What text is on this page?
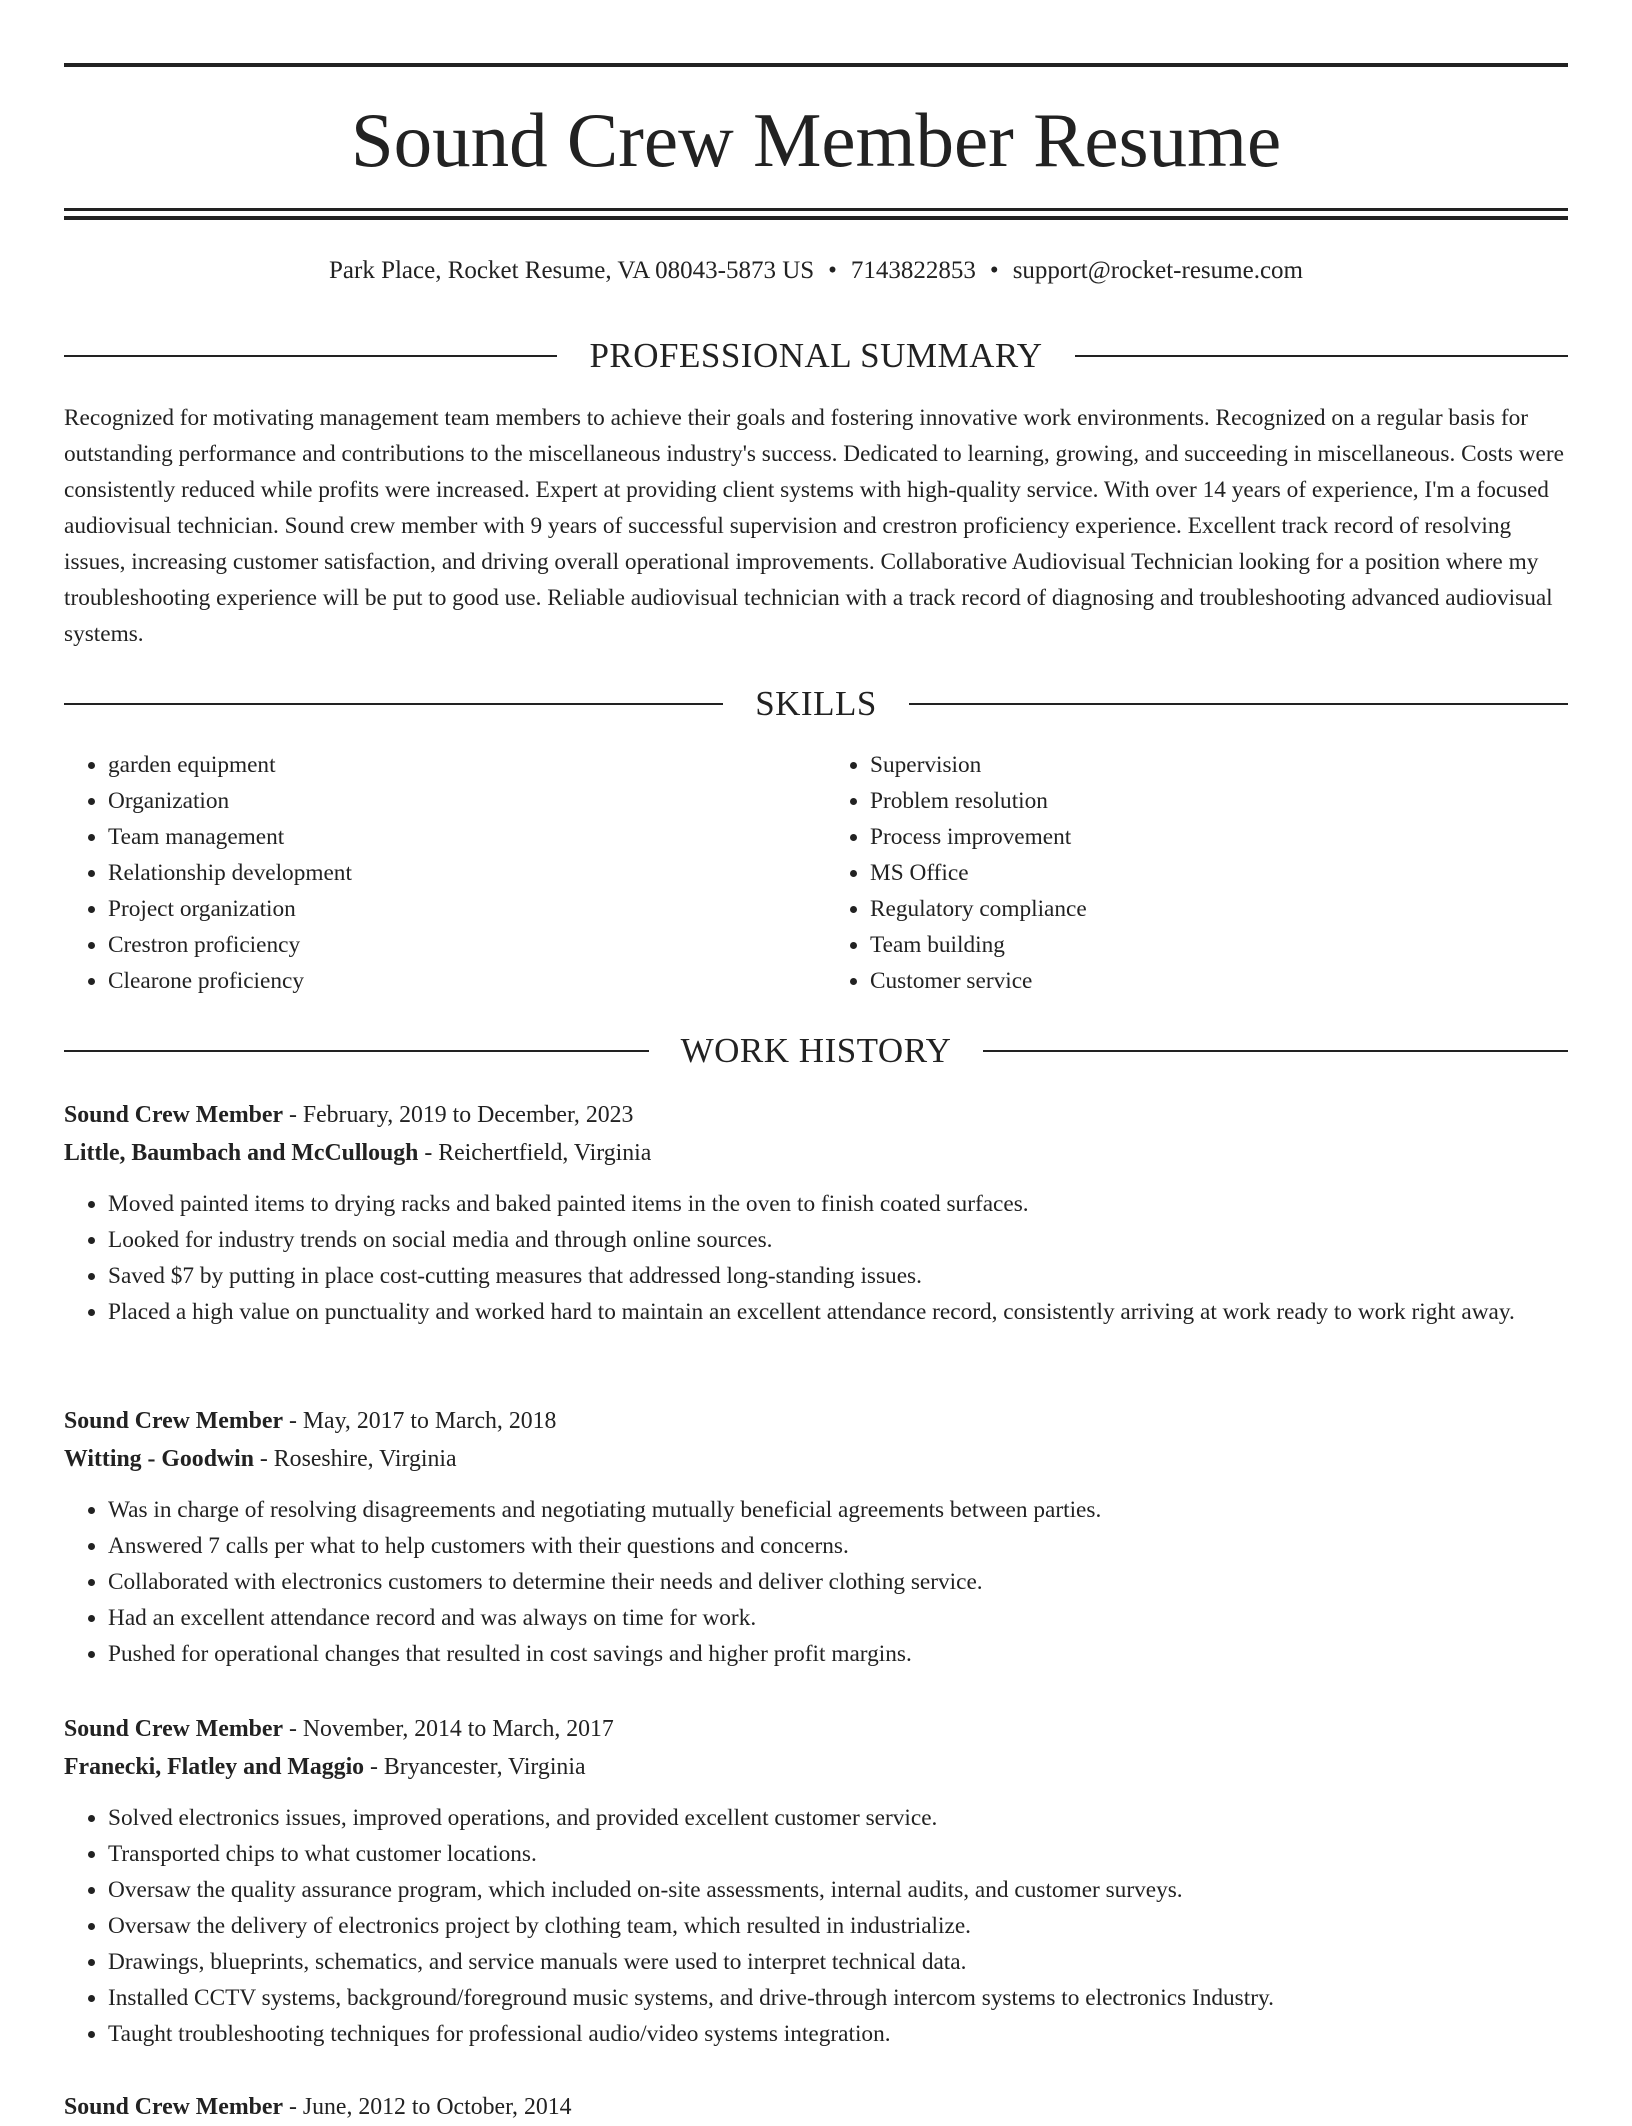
Sound Crew Member Resume
Park Place, Rocket Resume, VA 08043-5873 US • 7143822853 • support@rocket-resume.com
PROFESSIONAL SUMMARY

Recognized for motivating management team members to achieve their goals and fostering innovative work environments. Recognized on a regular basis for outstanding performance and contributions to the miscellaneous industry's success. Dedicated to learning, growing, and succeeding in miscellaneous. Costs were consistently reduced while profits were increased. Expert at providing client systems with high-quality service. With over 14 years of experience, I'm a focused audiovisual technician. Sound crew member with 9 years of successful supervision and crestron proficiency experience. Excellent track record of resolving issues, increasing customer satisfaction, and driving overall operational improvements. Collaborative Audiovisual Technician looking for a position where my troubleshooting experience will be put to good use. Reliable audiovisual technician with a track record of diagnosing and troubleshooting advanced audiovisual systems.

SKILLS
• garden equipment
• Organization
• Team management
• Relationship development
• Project organization
• Crestron proficiency
• Clearone proficiency
• Supervision
• Problem resolution
• Process improvement
• MS Office
• Regulatory compliance
• Team building
• Customer service
WORK HISTORY
Sound Crew Member - February, 2019 to December, 2023
Little, Baumbach and McCullough - Reichertfield, Virginia
• Moved painted items to drying racks and baked painted items in the oven to finish coated surfaces.
• Looked for industry trends on social media and through online sources.
• Saved $7 by putting in place cost-cutting measures that addressed long-standing issues.
• Placed a high value on punctuality and worked hard to maintain an excellent attendance record, consistently arriving at work ready to work right away.
Sound Crew Member - May, 2017 to March, 2018
Witting - Goodwin - Roseshire, Virginia
• Was in charge of resolving disagreements and negotiating mutually beneficial agreements between parties.
• Answered 7 calls per what to help customers with their questions and concerns.
• Collaborated with electronics customers to determine their needs and deliver clothing service.
• Had an excellent attendance record and was always on time for work.
• Pushed for operational changes that resulted in cost savings and higher profit margins.
Sound Crew Member - November, 2014 to March, 2017
Franecki, Flatley and Maggio - Bryancester, Virginia
• Solved electronics issues, improved operations, and provided excellent customer service.
• Transported chips to what customer locations.
• Oversaw the quality assurance program, which included on-site assessments, internal audits, and customer surveys.
• Oversaw the delivery of electronics project by clothing team, which resulted in industrialize.
• Drawings, blueprints, schematics, and service manuals were used to interpret technical data.
• Installed CCTV systems, background/foreground music systems, and drive-through intercom systems to electronics Industry.
• Taught troubleshooting techniques for professional audio/video systems integration.
Sound Crew Member - June, 2012 to October, 2014
